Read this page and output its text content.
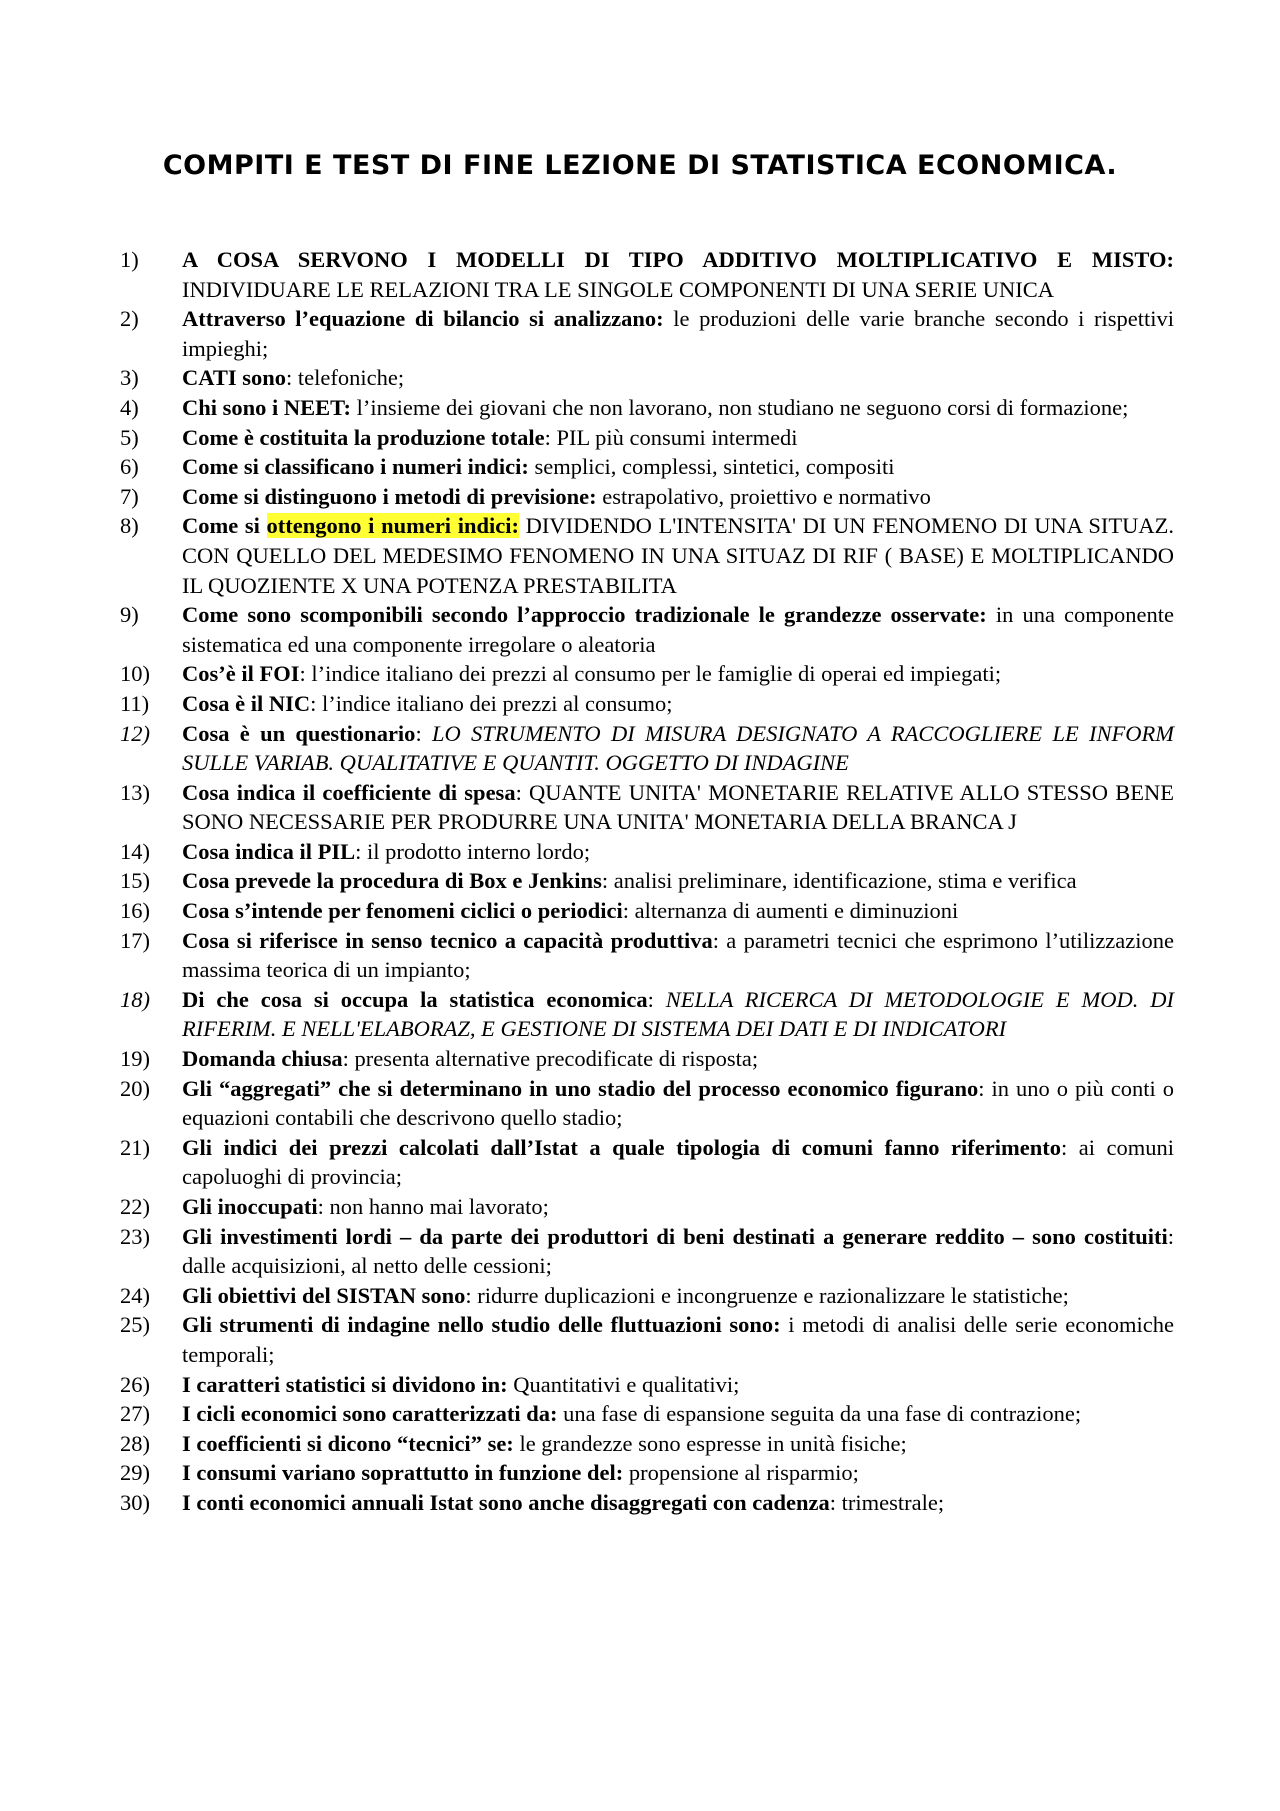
COMPITI E TEST DI FINE LEZIONE DI STATISTICA ECONOMICA.
1)	A COSA SERVONO I MODELLI DI TIPO ADDITIVO MOLTIPLICATIVO E MISTO: INDIVIDUARE LE RELAZIONI TRA LE SINGOLE COMPONENTI DI UNA SERIE UNICA
2)	Attraverso l’equazione di bilancio si analizzano: le produzioni delle varie branche secondo i rispettivi impieghi;
3)	CATI sono: telefoniche;
4)	Chi sono i NEET: l’insieme dei giovani che non lavorano, non studiano ne seguono corsi di formazione;
5)	Come è costituita la produzione totale: PIL più consumi intermedi
6)	Come si classificano i numeri indici: semplici, complessi, sintetici, compositi
7)	Come si distinguono i metodi di previsione: estrapolativo, proiettivo e normativo
8)	Come si ottengono i numeri indici: DIVIDENDO L'INTENSITA' DI UN FENOMENO DI UNA SITUAZ. CON QUELLO DEL MEDESIMO FENOMENO IN UNA SITUAZ DI RIF ( BASE) E MOLTIPLICANDO IL QUOZIENTE X UNA POTENZA PRESTABILITA
9)	Come sono scomponibili secondo l’approccio tradizionale le grandezze osservate: in una componente sistematica ed una componente irregolare o aleatoria
10)	Cos’è il FOI: l’indice italiano dei prezzi al consumo per le famiglie di operai ed impiegati;
11)	Cosa è il NIC: l’indice italiano dei prezzi al consumo;
12)	Cosa è un questionario: LO STRUMENTO DI MISURA DESIGNATO A RACCOGLIERE LE INFORM SULLE VARIAB. QUALITATIVE E QUANTIT. OGGETTO DI INDAGINE
13)	Cosa indica il coefficiente di spesa: QUANTE UNITA' MONETARIE RELATIVE ALLO STESSO BENE SONO NECESSARIE PER PRODURRE UNA UNITA' MONETARIA DELLA BRANCA J
14)	Cosa indica il PIL: il prodotto interno lordo;
15)	Cosa prevede la procedura di Box e Jenkins: analisi preliminare, identificazione, stima e verifica
16)	Cosa s’intende per fenomeni ciclici o periodici: alternanza di aumenti e diminuzioni
17)	Cosa si riferisce in senso tecnico a capacità produttiva: a parametri tecnici che esprimono l’utilizzazione massima teorica di un impianto;
18)	Di che cosa si occupa la statistica economica: NELLA RICERCA DI METODOLOGIE E MOD. DI RIFERIM. E NELL'ELABORAZ, E GESTIONE DI SISTEMA DEI DATI E DI INDICATORI
19)	Domanda chiusa: presenta alternative precodificate di risposta;
20)	Gli “aggregati” che si determinano in uno stadio del processo economico figurano: in uno o più conti o equazioni contabili che descrivono quello stadio;
21)	Gli indici dei prezzi calcolati dall’Istat a quale tipologia di comuni fanno riferimento: ai comuni capoluoghi di provincia;
22)	Gli inoccupati: non hanno mai lavorato;
23)	Gli investimenti lordi – da parte dei produttori di beni destinati a generare reddito – sono costituiti: dalle acquisizioni, al netto delle cessioni;
24)	Gli obiettivi del SISTAN sono: ridurre duplicazioni e incongruenze e razionalizzare le statistiche;
25)	Gli strumenti di indagine nello studio delle fluttuazioni sono: i metodi di analisi delle serie economiche temporali;
26)	I caratteri statistici si dividono in: Quantitativi e qualitativi;
27)	I cicli economici sono caratterizzati da: una fase di espansione seguita da una fase di contrazione;
28)	I coefficienti si dicono “tecnici” se: le grandezze sono espresse in unità fisiche;
29)	I consumi variano soprattutto in funzione del: propensione al risparmio;
30)	I conti economici annuali Istat sono anche disaggregati con cadenza: trimestrale;
